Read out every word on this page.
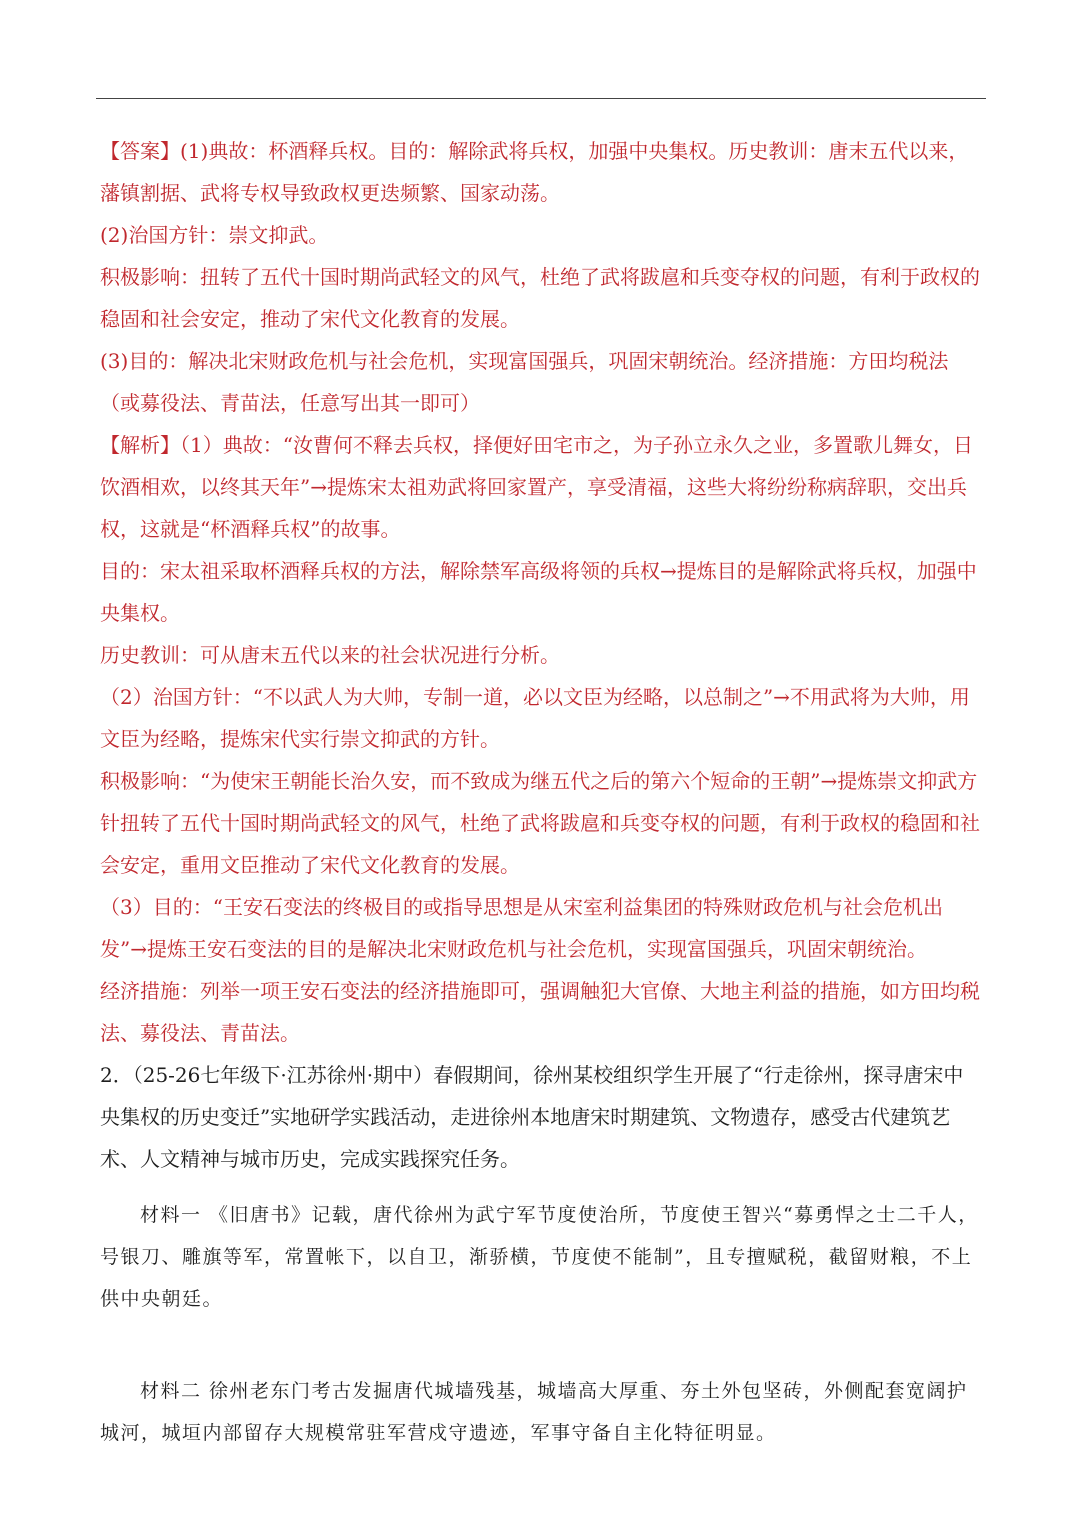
【答案】(1)典故：杯酒释兵权。目的：解除武将兵权，加强中央集权。历史教训：唐末五代以来，藩镇割据、武将专权导致政权更迭频繁、国家动荡。

(2)治国方针：崇文抑武。

积极影响：扭转了五代十国时期尚武轻文的风气，杜绝了武将跋扈和兵变夺权的问题，有利于政权的稳固和社会安定，推动了宋代文化教育的发展。

(3)目的：解决北宋财政危机与社会危机，实现富国强兵，巩固宋朝统治。经济措施：方田均税法（或募役法、青苗法，任意写出其一即可）

【解析】（1）典故：“汝曹何不释去兵权，择便好田宅市之，为子孙立永久之业，多置歌儿舞女，日饮酒相欢，以终其天年”→提炼宋太祖劝武将回家置产，享受清福，这些大将纷纷称病辞职，交出兵权，这就是“杯酒释兵权”的故事。

目的：宋太祖采取杯酒释兵权的方法，解除禁军高级将领的兵权→提炼目的是解除武将兵权，加强中央集权。

历史教训：可从唐末五代以来的社会状况进行分析。

（2）治国方针：“不以武人为大帅，专制一道，必以文臣为经略，以总制之”→不用武将为大帅，用文臣为经略，提炼宋代实行崇文抑武的方针。

积极影响：“为使宋王朝能长治久安，而不致成为继五代之后的第六个短命的王朝”→提炼崇文抑武方针扭转了五代十国时期尚武轻文的风气，杜绝了武将跋扈和兵变夺权的问题，有利于政权的稳固和社会安定，重用文臣推动了宋代文化教育的发展。

（3）目的：“王安石变法的终极目的或指导思想是从宋室利益集团的特殊财政危机与社会危机出发”→提炼王安石变法的目的是解决北宋财政危机与社会危机，实现富国强兵，巩固宋朝统治。

经济措施：列举一项王安石变法的经济措施即可，强调触犯大官僚、大地主利益的措施，如方田均税法、募役法、青苗法。

2．（25-26七年级下·江苏徐州·期中）春假期间，徐州某校组织学生开展了“行走徐州，探寻唐宋中央集权的历史变迁”实地研学实践活动，走进徐州本地唐宋时期建筑、文物遗存，感受古代建筑艺术、人文精神与城市历史，完成实践探究任务。

材料一 《旧唐书》记载，唐代徐州为武宁军节度使治所，节度使王智兴“募勇悍之士二千人，号银刀、雕旗等军，常置帐下，以自卫，渐骄横，节度使不能制”，且专擅赋税，截留财粮，不上供中央朝廷。

材料二 徐州老东门考古发掘唐代城墙残基，城墙高大厚重、夯土外包坚砖，外侧配套宽阔护城河，城垣内部留存大规模常驻军营戍守遗迹，军事守备自主化特征明显。
